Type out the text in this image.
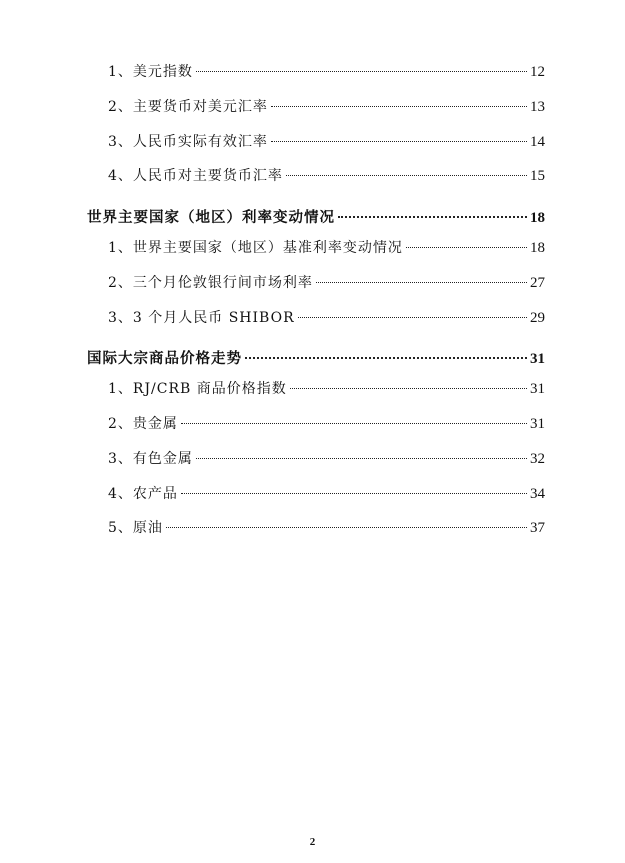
1、美元指数	12
2、主要货币对美元汇率	13
3、人民币实际有效汇率	14
4、人民币对主要货币汇率	15
世界主要国家（地区）利率变动情况	18
1、世界主要国家（地区）基准利率变动情况	18
2、三个月伦敦银行间市场利率	27
3、3 个月人民币 SHIBOR	29
国际大宗商品价格走势	31
1、RJ/CRB 商品价格指数	31
2、贵金属	31
3、有色金属	32
4、农产品	34
5、原油	37
2
